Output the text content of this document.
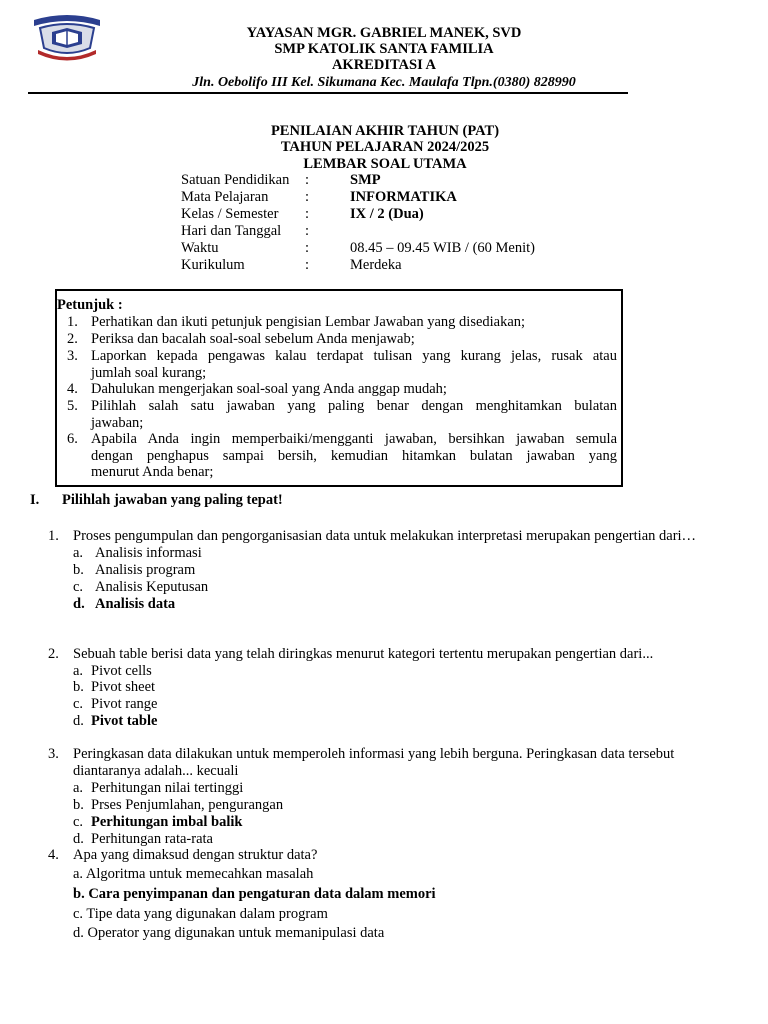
YAYASAN MGR. GABRIEL MANEK, SVD
SMP KATOLIK SANTA FAMILIA
AKREDITASI A
Jln. Oebolifo III Kel. Sikumana Kec. Maulafa Tlpn.(0380) 828990
PENILAIAN AKHIR TAHUN (PAT)
TAHUN PELAJARAN 2024/2025
LEMBAR SOAL UTAMA
Satuan Pendidikan	:	SMP
Mata Pelajaran	:	INFORMATIKA
Kelas / Semester	:	IX / 2 (Dua)
Hari dan Tanggal	:
Waktu	:	08.45 – 09.45 WIB / (60 Menit)
Kurikulum	:	Merdeka
Petunjuk :
1. Perhatikan dan ikuti petunjuk pengisian Lembar Jawaban yang disediakan;
2. Periksa dan bacalah soal-soal sebelum Anda menjawab;
3. Laporkan kepada pengawas kalau terdapat tulisan yang kurang jelas, rusak atau
jumlah soal kurang;
4. Dahulukan mengerjakan soal-soal yang Anda anggap mudah;
5. Pilihlah salah satu jawaban yang paling benar dengan menghitamkan bulatan
jawaban;
6. Apabila Anda ingin memperbaiki/mengganti jawaban, bersihkan jawaban semula
dengan penghapus sampai bersih, kemudian hitamkan bulatan jawaban yang
menurut Anda benar;
I. Pilihlah jawaban yang paling tepat!
1. Proses pengumpulan dan pengorganisasian data untuk melakukan interpretasi merupakan pengertian dari…
a. Analisis informasi
b. Analisis program
c. Analisis Keputusan
d. Analisis data
2. Sebuah table berisi data yang telah diringkas menurut kategori tertentu merupakan pengertian dari...
a. Pivot cells
b. Pivot sheet
c. Pivot range
d. Pivot table
3. Peringkasan data dilakukan untuk memperoleh informasi yang lebih berguna. Peringkasan data tersebut
diantaranya adalah... kecuali
a. Perhitungan nilai tertinggi
b. Prses Penjumlahan, pengurangan
c. Perhitungan imbal balik
d. Perhitungan rata-rata
4. Apa yang dimaksud dengan struktur data?
a. Algoritma untuk memecahkan masalah
b. Cara penyimpanan dan pengaturan data dalam memori
c. Tipe data yang digunakan dalam program
d. Operator yang digunakan untuk memanipulasi data
